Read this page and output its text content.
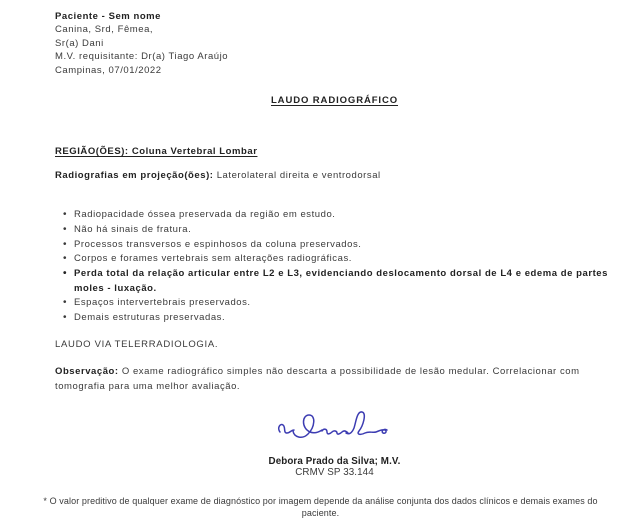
Paciente - Sem nome
Canina, Srd, Fêmea,
Sr(a) Dani
M.V. requisitante: Dr(a) Tiago Araújo
Campinas, 07/01/2022
LAUDO RADIOGRÁFICO
REGIÃO(ÕES): Coluna Vertebral Lombar
Radiografias em projeção(ões): Laterolateral direita e ventrodorsal
• Radiopacidade óssea preservada da região em estudo.
• Não há sinais de fratura.
• Processos transversos e espinhosos da coluna preservados.
• Corpos e forames vertebrais sem alterações radiográficas.
• Perda total da relação articular entre L2 e L3, evidenciando deslocamento dorsal de L4 e edema de partes moles - luxação.
• Espaços intervertebrais preservados.
• Demais estruturas preservadas.
LAUDO VIA TELERRADIOLOGIA.
Observação: O exame radiográfico simples não descarta a possibilidade de lesão medular. Correlacionar com tomografia para uma melhor avaliação.
Debora Prado da Silva; M.V.
CRMV SP 33.144
* O valor preditivo de qualquer exame de diagnóstico por imagem depende da análise conjunta dos dados clínicos e demais exames do paciente.
